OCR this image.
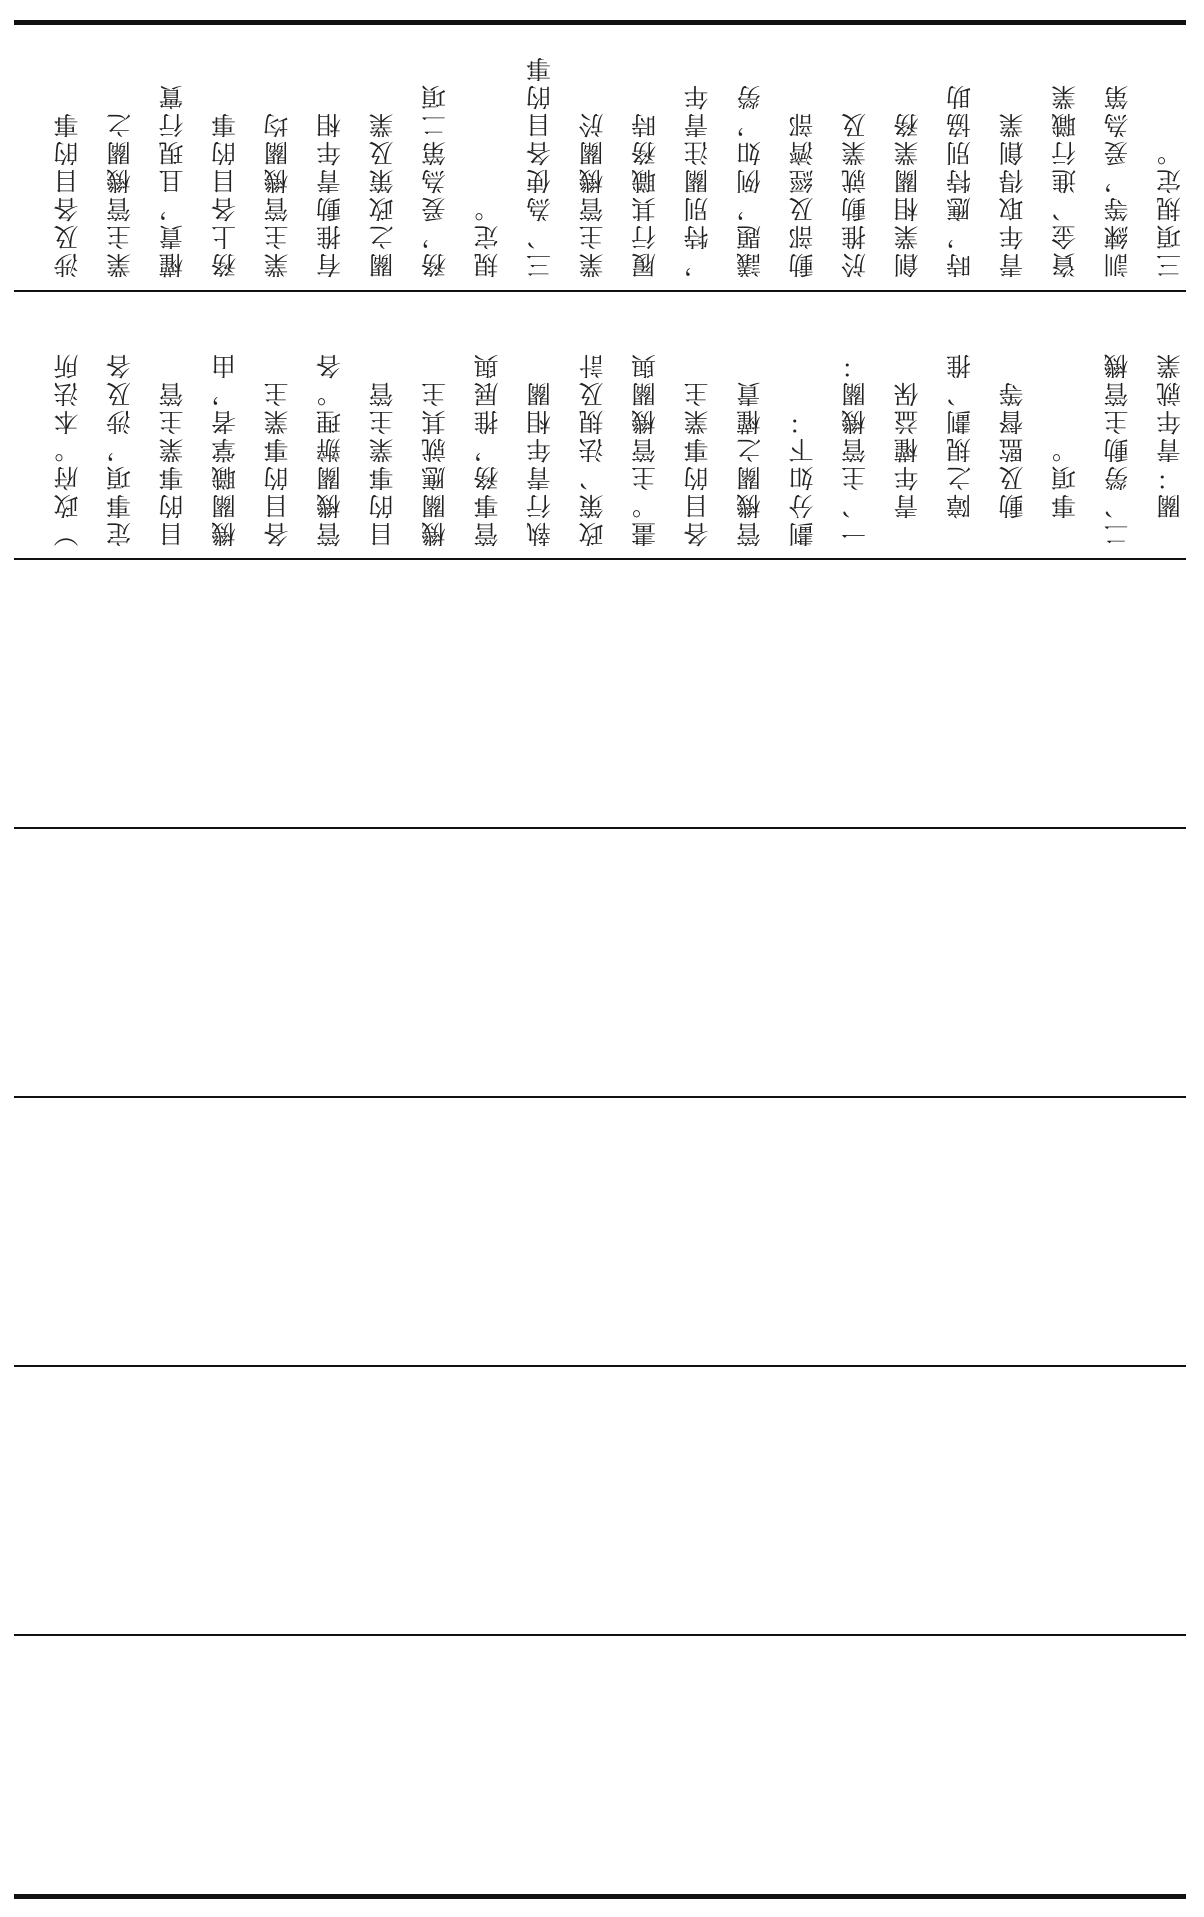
涉及各目的事 業主管機關之 權責，且現行實 務上各目的事 業主管機關均 有推動青年相 關之政策及業 務，爰為第二項 規定。 三、為使各目的事 業主管機關於 履行其職務時 ，特別關注青年 議題，例如，勞 動部及經濟部 於推動就業及 創業相關業務 時，應特別協助 青年取得創業 資金、進行職業 訓練等，爰為第 三項規定。
）政府。本法所 定事項，涉及各 目的事業主管 機關職掌者，由 各目的事業主 管機關辦理。各 目的事業主管 機關應就其主 管事務，推展與 執行青年相關 政策、法規及計 畫。主管機關與 各目的事業主 管機關之權責 劃分如下： 一、主管機關： 　青年權益保 　障之規劃、推 　動及監督等 　事項。 二、勞動主管機 　關：青年就業
